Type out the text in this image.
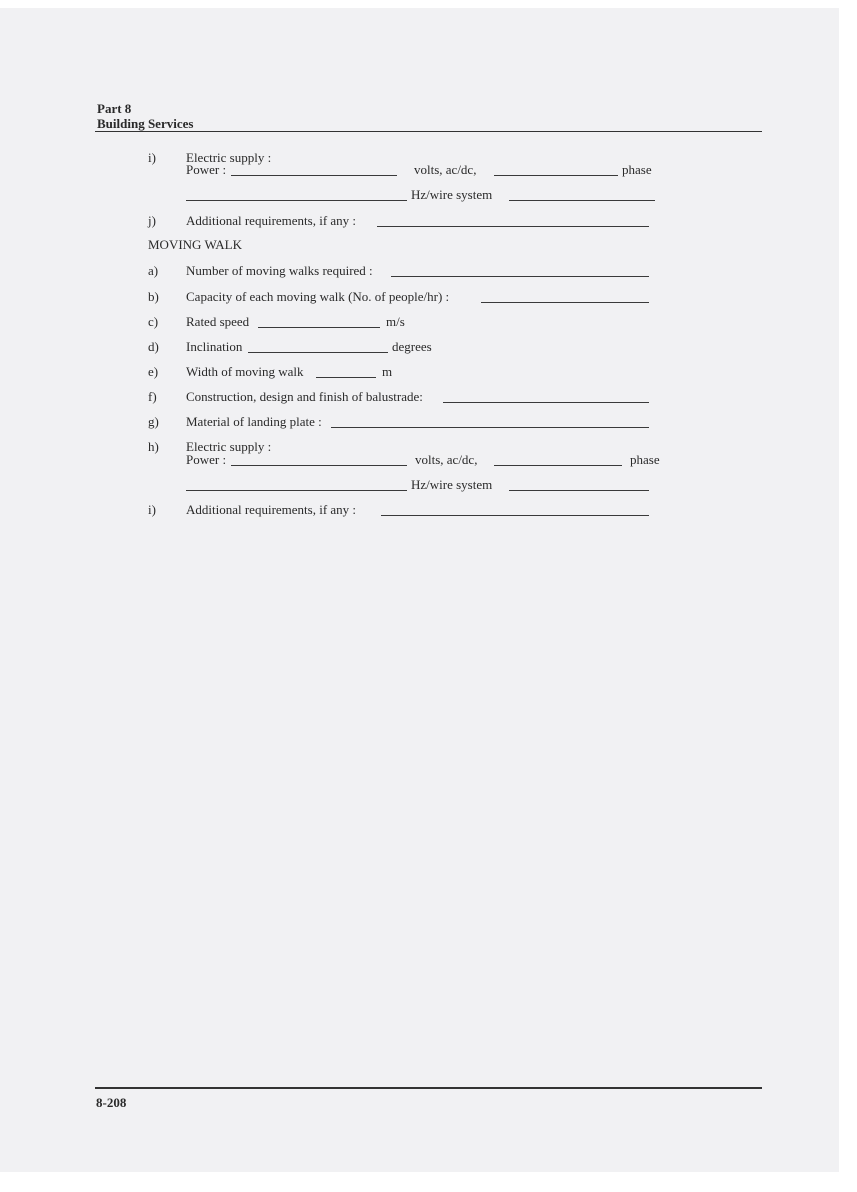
Part 8
Building Services
i) Electric supply :
Power :	volts, ac/dc,	phase
Hz/wire system
j) Additional requirements, if any :
MOVING WALK
a) Number of moving walks required :
b) Capacity of each moving walk (No. of people/hr) :
c) Rated speed	m/s
d) Inclination	degrees
e) Width of moving walk	m
f) Construction, design and finish of balustrade:
g) Material of landing plate :
h) Electric supply :
Power :	volts, ac/dc,	phase
Hz/wire system
i) Additional requirements, if any :
8-208
